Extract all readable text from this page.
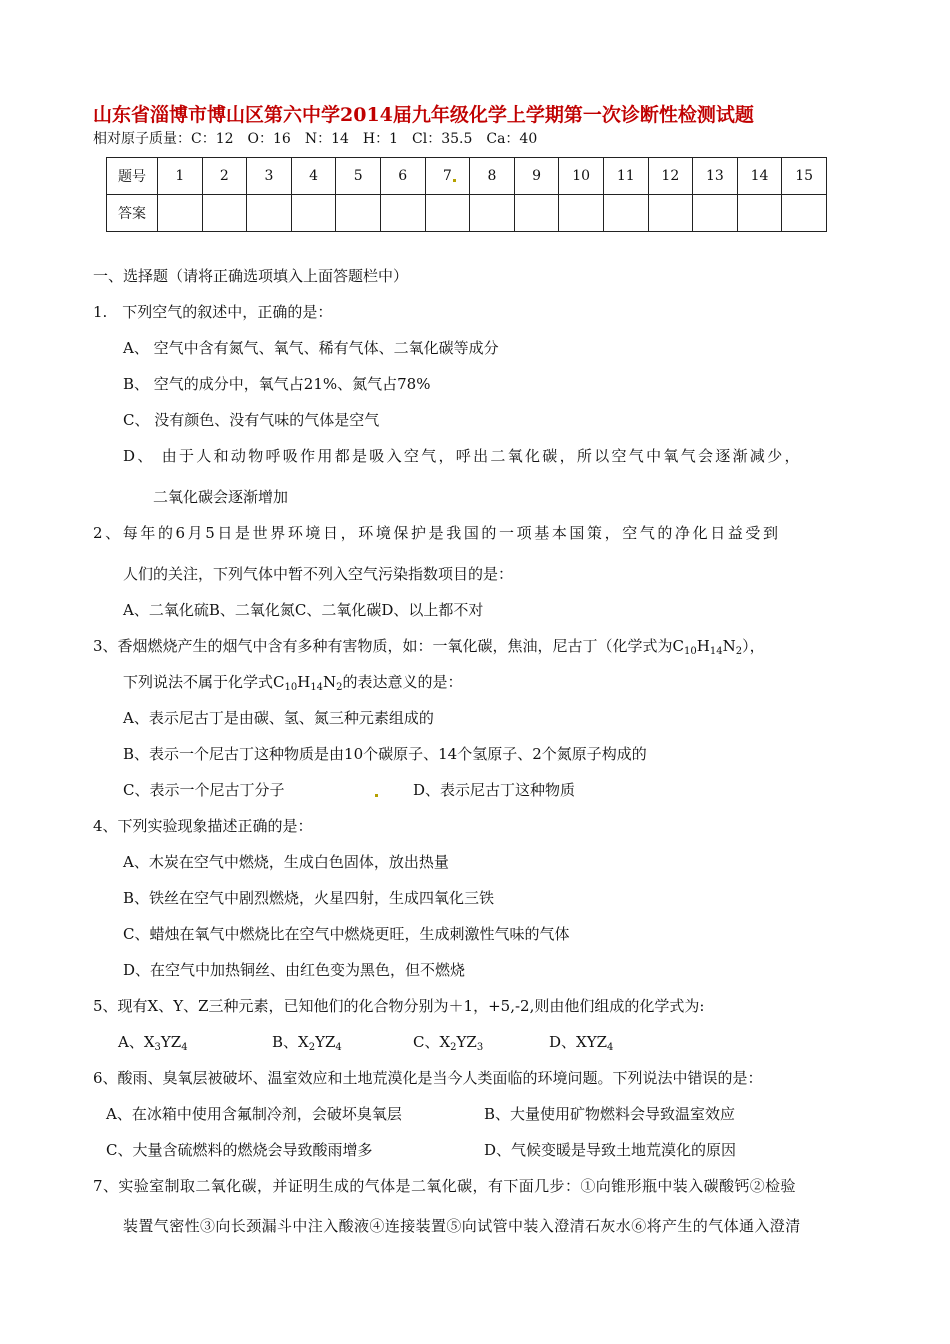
山东省淄博市博山区第六中学2014届九年级化学上学期第一次诊断性检测试题
相对原子质量：C：12　O：16　N：14　H：1　Cl：35.5　Ca：40
题号	1	2	3	4	5	6	7	8	9	10	11	12	13	14	15
答案															
一、选择题（请将正确选项填入上面答题栏中）
1.　下列空气的叙述中，正确的是：
A、 空气中含有氮气、氧气、稀有气体、二氧化碳等成分
B、 空气的成分中，氧气占21%、氮气占78%
C、 没有颜色、没有气味的气体是空气
D、 由于人和动物呼吸作用都是吸入空气，呼出二氧化碳，所以空气中氧气会逐渐减少，
二氧化碳会逐渐增加
2、每年的6月5日是世界环境日，环境保护是我国的一项基本国策，空气的净化日益受到
人们的关注，下列气体中暂不列入空气污染指数项目的是：
A、二氧化硫B、二氧化氮C、二氧化碳D、以上都不对
3、香烟燃烧产生的烟气中含有多种有害物质，如：一氧化碳，焦油，尼古丁（化学式为$C_{10}H_{14}N_2$），
下列说法不属于化学式$C_{10}H_{14}N_2$的表达意义的是：
A、表示尼古丁是由碳、氢、氮三种元素组成的
B、表示一个尼古丁这种物质是由10个碳原子、14个氢原子、2个氮原子构成的
C、表示一个尼古丁分子	D、表示尼古丁这种物质
4、下列实验现象描述正确的是：
A、木炭在空气中燃烧，生成白色固体，放出热量
B、铁丝在空气中剧烈燃烧，火星四射，生成四氧化三铁
C、蜡烛在氧气中燃烧比在空气中燃烧更旺，生成刺激性气味的气体
D、在空气中加热铜丝、由红色变为黑色，但不燃烧
5、现有X、Y、Z三种元素，已知他们的化合物分别为＋1，+5,-2,则由他们组成的化学式为:
A、$X_3YZ_4$	B、$X_2YZ_4$	C、$X_2YZ_3$	D、$XYZ_4$
6、酸雨、臭氧层被破坏、温室效应和土地荒漠化是当今人类面临的环境问题。下列说法中错误的是：
A、在冰箱中使用含氟制冷剂，会破坏臭氧层	B、大量使用矿物燃料会导致温室效应
C、大量含硫燃料的燃烧会导致酸雨增多	D、气候变暖是导致土地荒漠化的原因
7、实验室制取二氧化碳，并证明生成的气体是二氧化碳，有下面几步：①向锥形瓶中装入碳酸钙②检验
装置气密性③向长颈漏斗中注入酸液④连接装置⑤向试管中装入澄清石灰水⑥将产生的气体通入澄清
